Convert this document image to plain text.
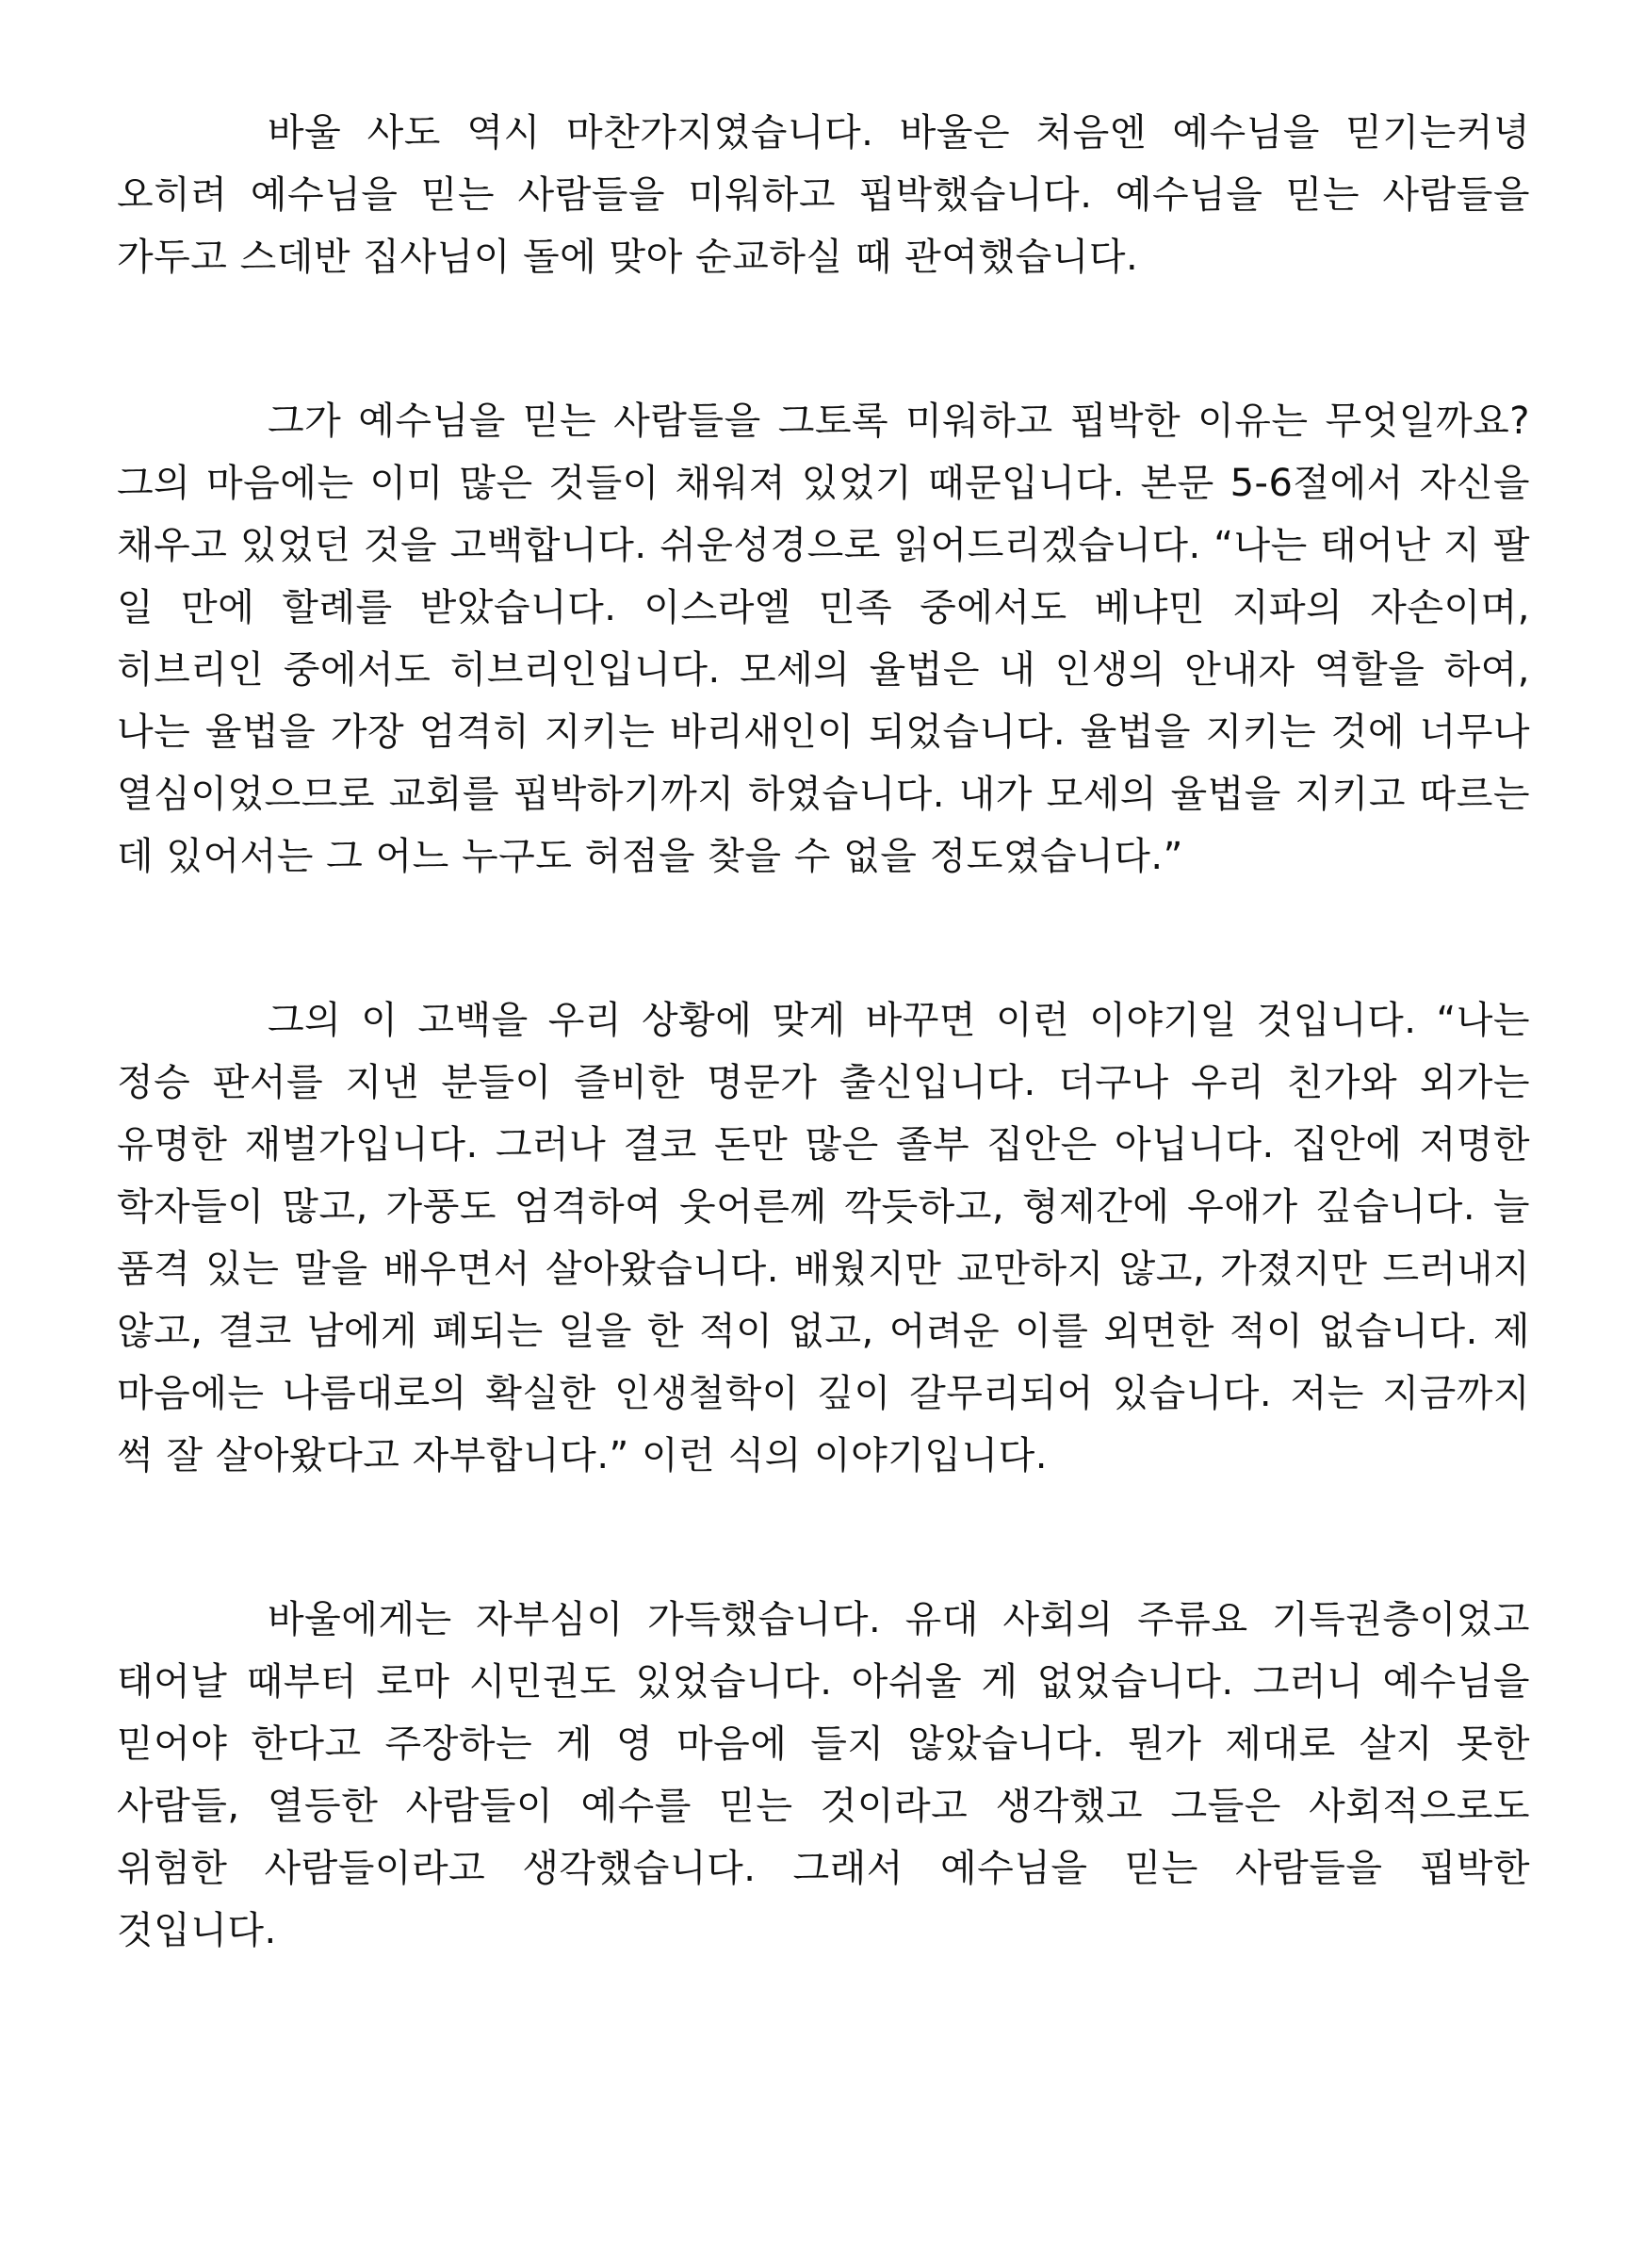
바울 사도 역시 마찬가지였습니다. 바울은 처음엔 예수님을 믿기는커녕 오히려 예수님을 믿는 사람들을 미워하고 핍박했습니다. 예수님을 믿는 사람들을 가두고 스데반 집사님이 돌에 맞아 순교하실 때 관여했습니다.

그가 예수님을 믿는 사람들을 그토록 미워하고 핍박한 이유는 무엇일까요? 그의 마음에는 이미 많은 것들이 채워져 있었기 때문입니다. 본문 5-6절에서 자신을 채우고 있었던 것을 고백합니다. 쉬운성경으로 읽어드리겠습니다. “나는 태어난 지 팔 일 만에 할례를 받았습니다. 이스라엘 민족 중에서도 베냐민 지파의 자손이며, 히브리인 중에서도 히브리인입니다. 모세의 율법은 내 인생의 안내자 역할을 하여, 나는 율법을 가장 엄격히 지키는 바리새인이 되었습니다. 율법을 지키는 것에 너무나 열심이었으므로 교회를 핍박하기까지 하였습니다. 내가 모세의 율법을 지키고 따르는 데 있어서는 그 어느 누구도 허점을 찾을 수 없을 정도였습니다.”

그의 이 고백을 우리 상황에 맞게 바꾸면 이런 이야기일 것입니다. “나는 정승 판서를 지낸 분들이 즐비한 명문가 출신입니다. 더구나 우리 친가와 외가는 유명한 재벌가입니다. 그러나 결코 돈만 많은 졸부 집안은 아닙니다. 집안에 저명한 학자들이 많고, 가풍도 엄격하여 웃어른께 깍듯하고, 형제간에 우애가 깊습니다. 늘 품격 있는 말을 배우면서 살아왔습니다. 배웠지만 교만하지 않고, 가졌지만 드러내지 않고, 결코 남에게 폐되는 일을 한 적이 없고, 어려운 이를 외면한 적이 없습니다. 제 마음에는 나름대로의 확실한 인생철학이 깊이 갈무리되어 있습니다. 저는 지금까지 썩 잘 살아왔다고 자부합니다.” 이런 식의 이야기입니다.

바울에게는 자부심이 가득했습니다. 유대 사회의 주류요 기득권층이었고 태어날 때부터 로마 시민권도 있었습니다. 아쉬울 게 없었습니다. 그러니 예수님을 믿어야 한다고 주장하는 게 영 마음에 들지 않았습니다. 뭔가 제대로 살지 못한 사람들, 열등한 사람들이 예수를 믿는 것이라고 생각했고 그들은 사회적으로도 위험한 사람들이라고 생각했습니다. 그래서 예수님을 믿는 사람들을 핍박한 것입니다.
